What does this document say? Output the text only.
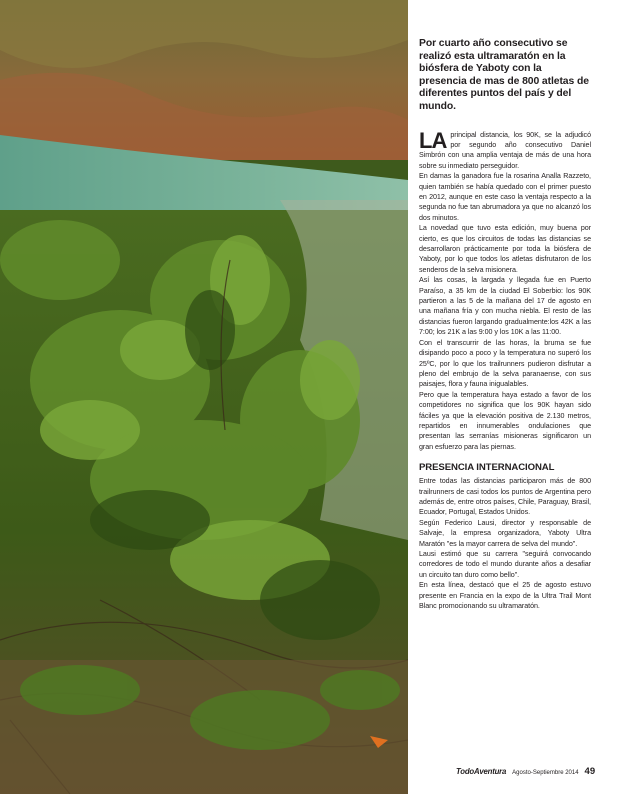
Por cuarto año consecutivo se realizó esta ultramaratón en la biósfera de Yaboty con la presencia de mas de 800 atletas de diferentes puntos del país y del mundo.

LA principal distancia, los 90K, se la adjudicó por segundo año consecutivo Daniel Simbrón con una amplia ventaja de más de una hora sobre su inmediato perseguidor.

En damas la ganadora fue la rosarina Analla Razzeto, quien también se había quedado con el primer puesto en 2012, aunque en este caso la ventaja respecto a la segunda no fue tan abrumadora ya que no alcanzó los dos minutos.

La novedad que tuvo esta edición, muy buena por cierto, es que los circuitos de todas las distancias se desarrollaron prácticamente por toda la biósfera de Yaboty, por lo que todos los atletas disfrutaron de los senderos de la selva misionera.

Así las cosas, la largada y llegada fue en Puerto Paraíso, a 35 km de la ciudad El Soberbio: los 90K partieron a las 5 de la mañana del 17 de agosto en una mañana fría y con mucha niebla. El resto de las distancias fueron largando gradualmente:los 42K a las 7:00; los 21K a las 9:00 y los 10K a las 11:00.

Con el transcurrir de las horas, la bruma se fue disipando poco a poco y la temperatura no superó los 25ºC, por lo que los trailrunners pudieron disfrutar a pleno del embrujo de la selva paranaense, con sus paisajes, flora y fauna inigualables.

Pero que la temperatura haya estado a favor de los competidores no significa que los 90K hayan sido fáciles ya que la elevación positiva de 2.130 metros, repartidos en innumerables ondulaciones que presentan las serranías misioneras significaron un gran esfuerzo para las piernas.

PRESENCIA INTERNACIONAL

Entre todas las distancias participaron más de 800 trailrunners de casi todos los puntos de Argentina pero además de, entre otros países, Chile, Paraguay, Brasil, Ecuador, Portugal, Estados Unidos.

Según Federico Lausi, director y responsable de Salvaje, la empresa organizadora, Yaboty Ultra Maratón "es la mayor carrera de selva del mundo".

Lausi estimó que su carrera "seguirá convocando corredores de todo el mundo durante años a desafiar un circuito tan duro como bello".

En esta línea, destacó que el 25 de agosto estuvo presente en Francia en la expo de la Ultra Trail Mont Blanc promocionando su ultramaratón.

TodoAventura Agosto-Septiembre 2014 49
